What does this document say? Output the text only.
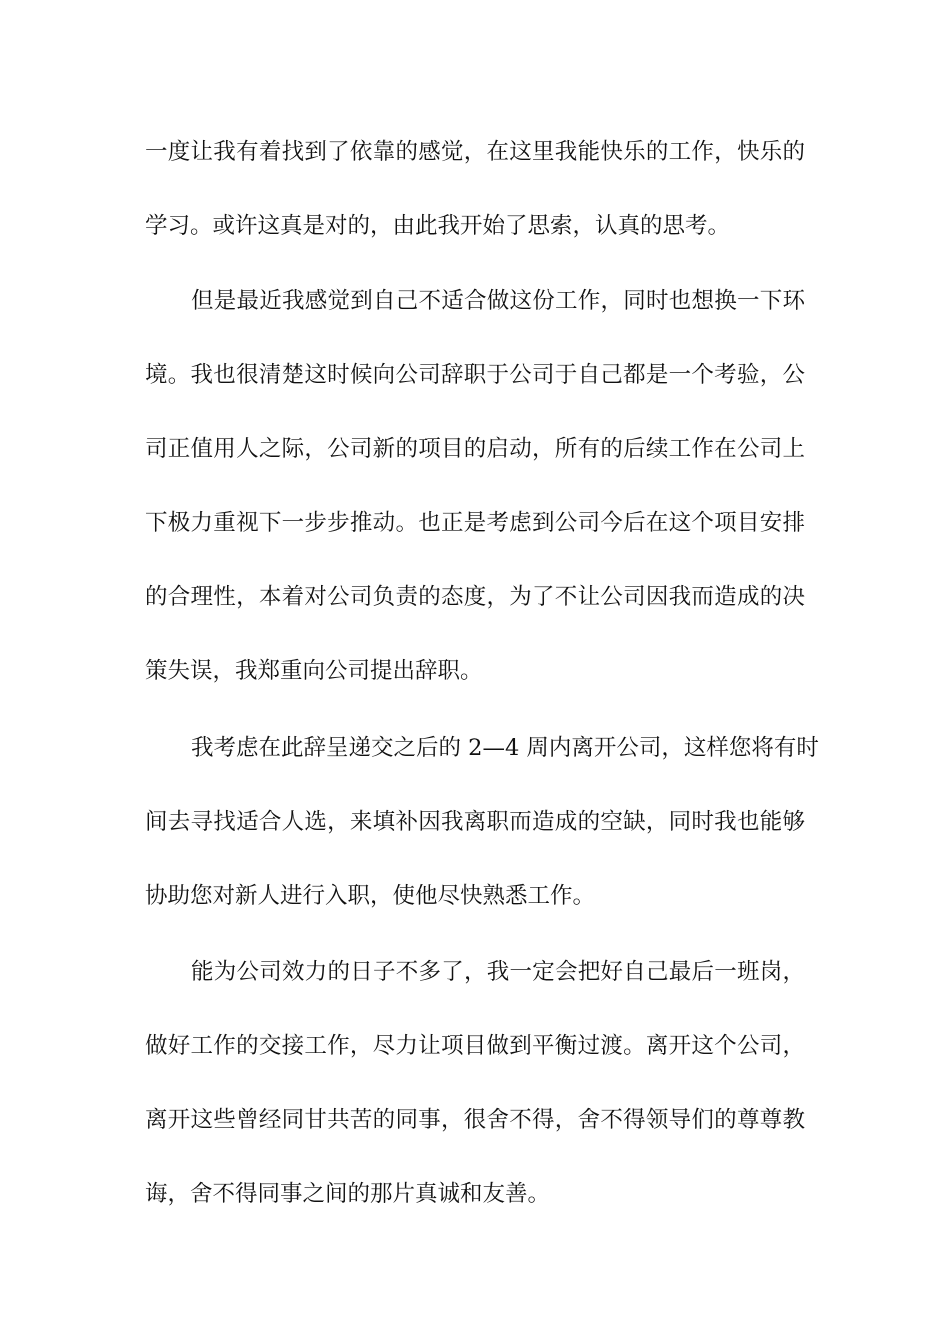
一度让我有着找到了依靠的感觉，在这里我能快乐的工作，快乐的
学习。或许这真是对的，由此我开始了思索，认真的思考。
但是最近我感觉到自己不适合做这份工作，同时也想换一下环
境。我也很清楚这时候向公司辞职于公司于自己都是一个考验，公
司正值用人之际，公司新的项目的启动，所有的后续工作在公司上
下极力重视下一步步推动。也正是考虑到公司今后在这个项目安排
的合理性，本着对公司负责的态度，为了不让公司因我而造成的决
策失误，我郑重向公司提出辞职。
我考虑在此辞呈递交之后的 2—4 周内离开公司，这样您将有时
间去寻找适合人选，来填补因我离职而造成的空缺，同时我也能够
协助您对新人进行入职，使他尽快熟悉工作。
能为公司效力的日子不多了，我一定会把好自己最后一班岗，
做好工作的交接工作，尽力让项目做到平衡过渡。离开这个公司，
离开这些曾经同甘共苦的同事，很舍不得，舍不得领导们的尊尊教
诲，舍不得同事之间的那片真诚和友善。
